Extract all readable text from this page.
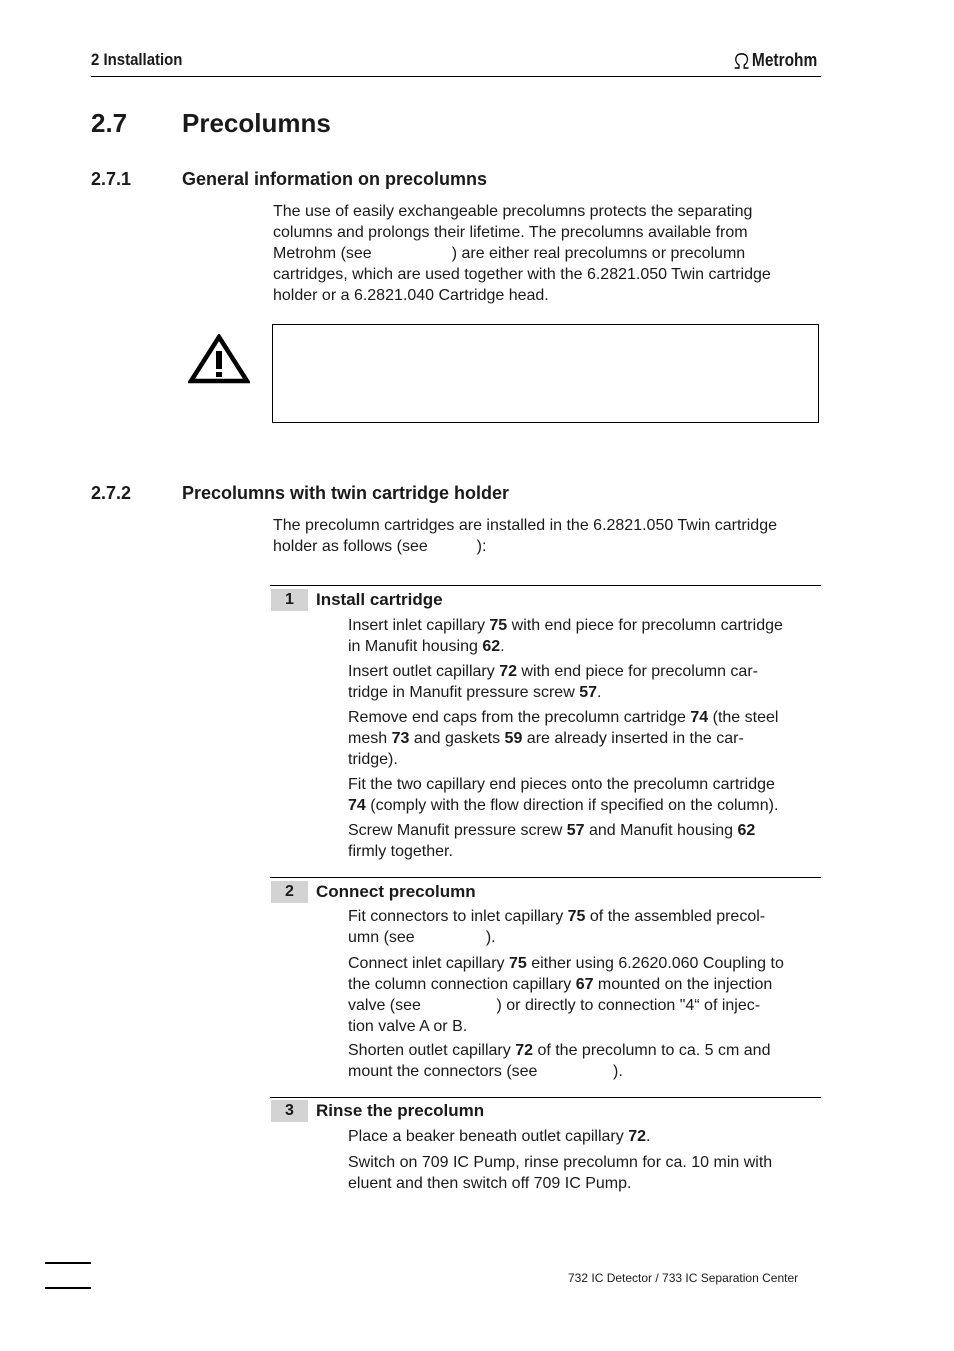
2 Installation	Metrohm
2.7 Precolumns
2.7.1	General information on precolumns
The use of easily exchangeable precolumns protects the separating
columns and prolongs their lifetime. The precolumns available from
Metrohm (see                  ) are either real precolumns or precolumn
cartridges, which are used together with the 6.2821.050 Twin cartridge
holder or a 6.2821.040 Cartridge head.
2.7.2	Precolumns with twin cartridge holder
The precolumn cartridges are installed in the 6.2821.050 Twin cartridge
holder as follows (see           ):
1	Install cartridge
Insert inlet capillary 75 with end piece for precolumn cartridge
in Manufit housing 62.
Insert outlet capillary 72 with end piece for precolumn car-
tridge in Manufit pressure screw 57.
Remove end caps from the precolumn cartridge 74 (the steel
mesh 73 and gaskets 59 are already inserted in the car-
tridge).
Fit the two capillary end pieces onto the precolumn cartridge
74 (comply with the flow direction if specified on the column).
Screw Manufit pressure screw 57 and Manufit housing 62
firmly together.
2	Connect precolumn
Fit connectors to inlet capillary 75 of the assembled precol-
umn (see                ).
Connect inlet capillary 75 either using 6.2620.060 Coupling to
the column connection capillary 67 mounted on the injection
valve (see                 ) or directly to connection "4“ of injec-
tion valve A or B.
Shorten outlet capillary 72 of the precolumn to ca. 5 cm and
mount the connectors (see                 ).
3	Rinse the precolumn
Place a beaker beneath outlet capillary 72.
Switch on 709 IC Pump, rinse precolumn for ca. 10 min with
eluent and then switch off 709 IC Pump.
732 IC Detector / 733 IC Separation Center
